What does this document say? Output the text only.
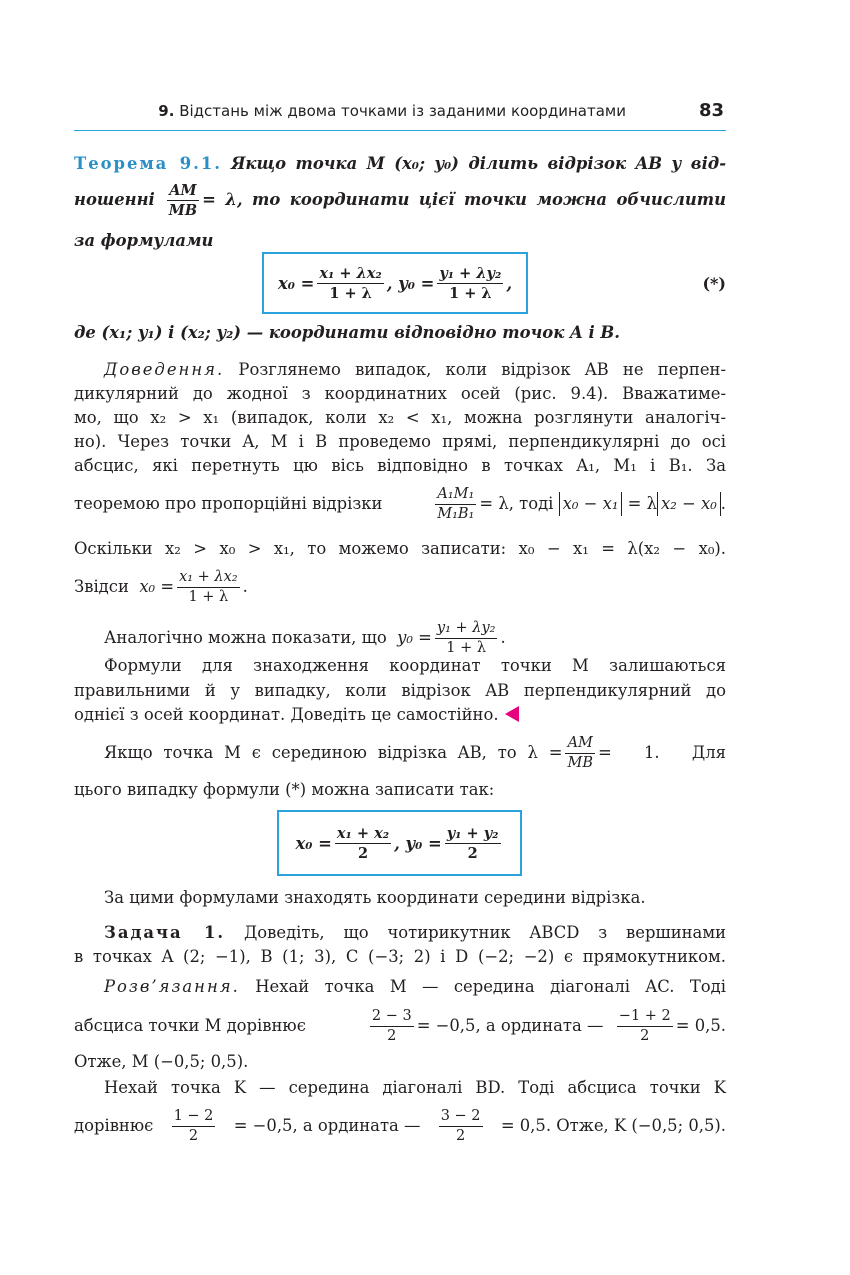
9. Відстань між двома точками із заданими координатами	83
Теорема 9.1. Якщо точка M (x₀; y₀) ділить відрізок AB у від-
ношенні $\frac{AM}{MB} = \lambda$, то координати цієї точки можна обчислити
за формулами
$x_0 = \frac{\text{x₁ + λx₂}}{1 + \lambda}$ , $y_0 = \frac{\text{y₁ + λy₂}}{1 + \lambda}$ ,	(*)
де (x₁; y₁) і (x₂; y₂) — координати відповідно точок A і B.
Доведення. Розглянемо випадок, коли відрізок AB не перпен-
дикулярний до жодної з координатних осей (рис. 9.4). Вважатиме-
мо, що x₂ > x₁ (випадок, коли x₂ < x₁, можна розглянути аналогіч-
но). Через точки A, M і B проведемо прямі, перпендикулярні до осі
абсцис, які перетнуть цю вісь відповідно в точках A₁, M₁ і B₁. За
теоремою про пропорційні відрізки	$\frac{\text{A₁M₁}}{\text{M₁B₁}} = \lambda$, тоді
x₀ − x₁
= λ x₂ − x₀ .
Оскільки x₂ > x₀ > x₁, то можемо записати: x₀ − x₁ = λ(x₂ − x₀).
Звідси
$x_0 = \frac{\text{x₁ + λx₂}}{1 + \lambda}$ .
Аналогічно можна показати, що
$y_0 = \frac{\text{y₁ + λy₂}}{1 + \lambda}$ .
Формули для знаходження координат точки M залишаються
правильними й у випадку, коли відрізок AB перпендикулярний до
однієї з осей координат. Доведіть це самостійно.
Якщо точка M є серединою відрізка AB, то $\lambda = \frac{AM}{MB} = 1$. Для
цього випадку формули (*) можна записати так:
$x_0 = \frac{\text{x₁ + x₂}}{2}$ , $y_0 = \frac{\text{y₁ + y₂}}{2}$
За цими формулами знаходять координати середини відрізка.
Задача 1. Доведіть, що чотирикутник ABCD з вершинами
в точках A (2; −1), B (1; 3), C (−3; 2) і D (−2; −2) є прямокутником.
Розв’язання. Нехай точка M — середина діагоналі AC. Тоді
абсциса точки M дорівнює	$\frac{2 - 3}{2} = -0,5$, а ордината —
$\frac{-1 + 2}{2} = 0,5$.
Отже, M (−0,5; 0,5).
Нехай точка K — середина діагоналі BD. Тоді абсциса точки K
дорівнює $\frac{1 - 2}{2} = -0,5$, а ордината — $\frac{3 - 2}{2} = 0,5$. Отже, K (−0,5; 0,5).
